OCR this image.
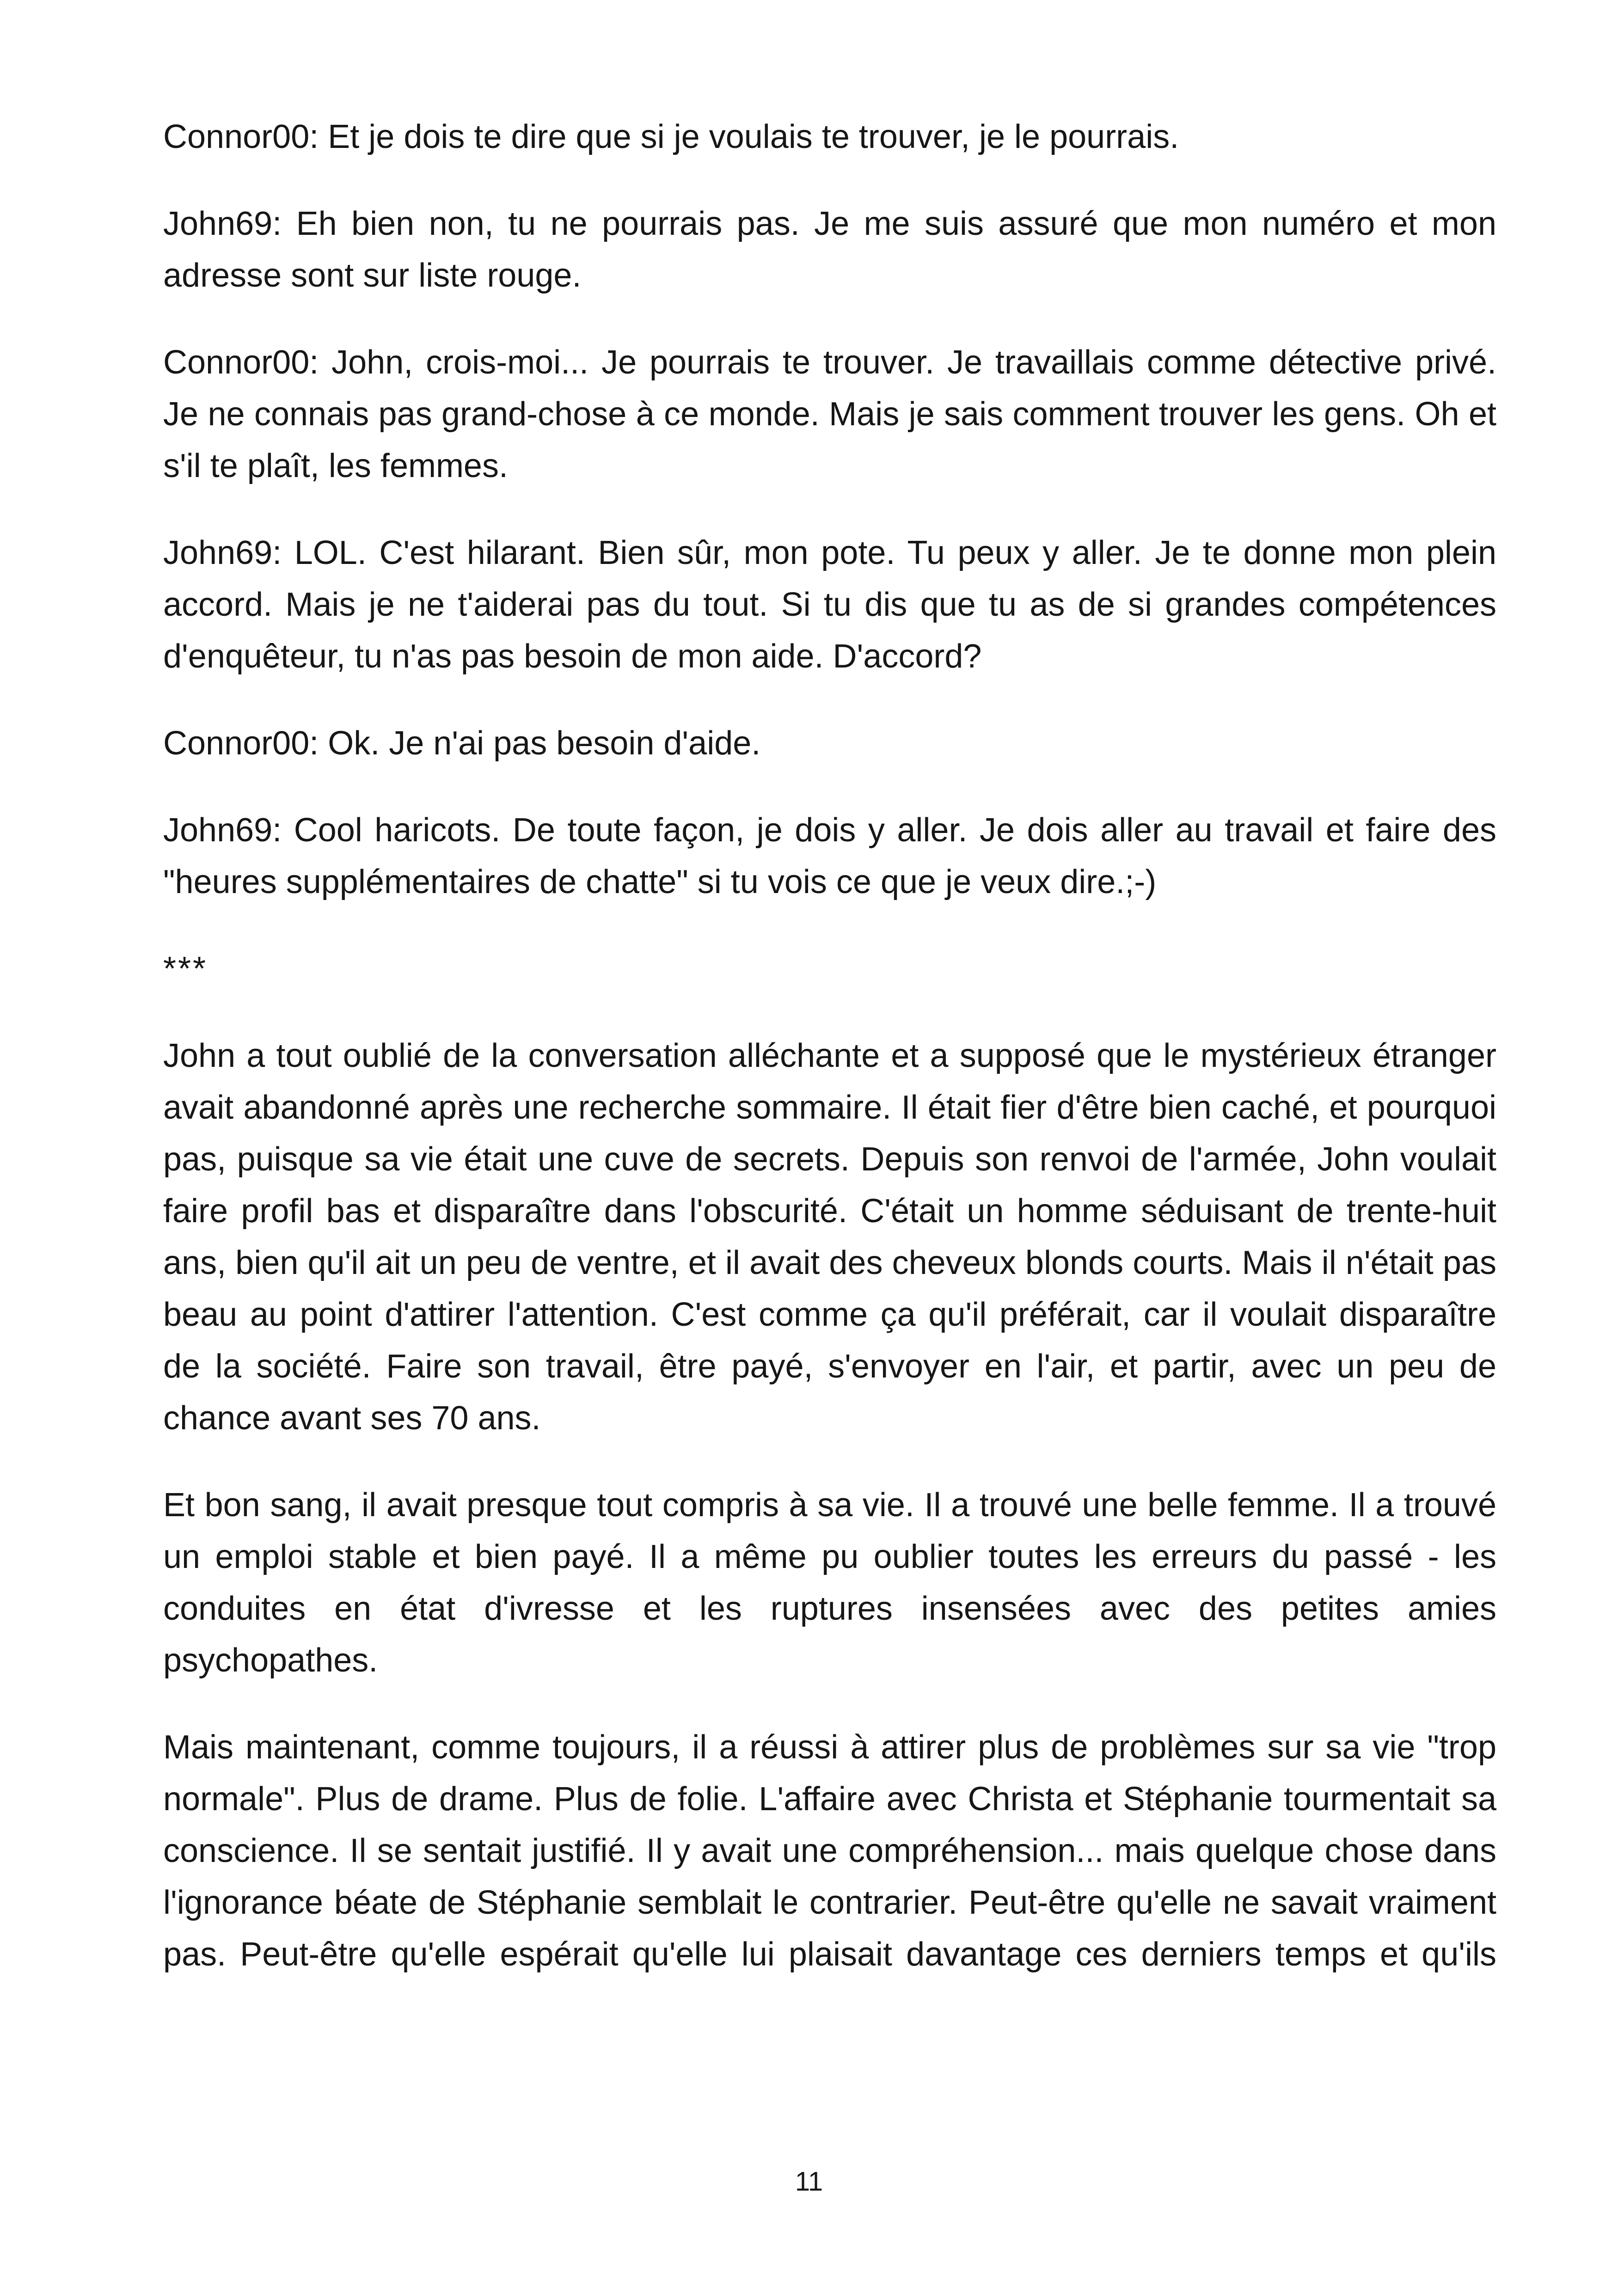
Connor00: Et je dois te dire que si je voulais te trouver, je le pourrais.

John69: Eh bien non, tu ne pourrais pas. Je me suis assuré que mon numéro et mon adresse sont sur liste rouge.

Connor00: John, crois-moi... Je pourrais te trouver. Je travaillais comme détective privé. Je ne connais pas grand-chose à ce monde. Mais je sais comment trouver les gens. Oh et s'il te plaît, les femmes.

John69: LOL. C'est hilarant. Bien sûr, mon pote. Tu peux y aller. Je te donne mon plein accord. Mais je ne t'aiderai pas du tout. Si tu dis que tu as de si grandes compétences d'enquêteur, tu n'as pas besoin de mon aide. D'accord?

Connor00: Ok. Je n'ai pas besoin d'aide.

John69: Cool haricots. De toute façon, je dois y aller. Je dois aller au travail et faire des "heures supplémentaires de chatte" si tu vois ce que je veux dire.;-)

***

John a tout oublié de la conversation alléchante et a supposé que le mystérieux étranger avait abandonné après une recherche sommaire. Il était fier d'être bien caché, et pourquoi pas, puisque sa vie était une cuve de secrets. Depuis son renvoi de l'armée, John voulait faire profil bas et disparaître dans l'obscurité. C'était un homme séduisant de trente-huit ans, bien qu'il ait un peu de ventre, et il avait des cheveux blonds courts. Mais il n'était pas beau au point d'attirer l'attention. C'est comme ça qu'il préférait, car il voulait disparaître de la société. Faire son travail, être payé, s'envoyer en l'air, et partir, avec un peu de chance avant ses 70 ans.

Et bon sang, il avait presque tout compris à sa vie. Il a trouvé une belle femme. Il a trouvé un emploi stable et bien payé. Il a même pu oublier toutes les erreurs du passé - les conduites en état d'ivresse et les ruptures insensées avec des petites amies psychopathes.

Mais maintenant, comme toujours, il a réussi à attirer plus de problèmes sur sa vie "trop normale". Plus de drame. Plus de folie. L'affaire avec Christa et Stéphanie tourmentait sa conscience. Il se sentait justifié. Il y avait une compréhension... mais quelque chose dans l'ignorance béate de Stéphanie semblait le contrarier. Peut-être qu'elle ne savait vraiment pas. Peut-être qu'elle espérait qu'elle lui plaisait davantage ces derniers temps et qu'ils

11
